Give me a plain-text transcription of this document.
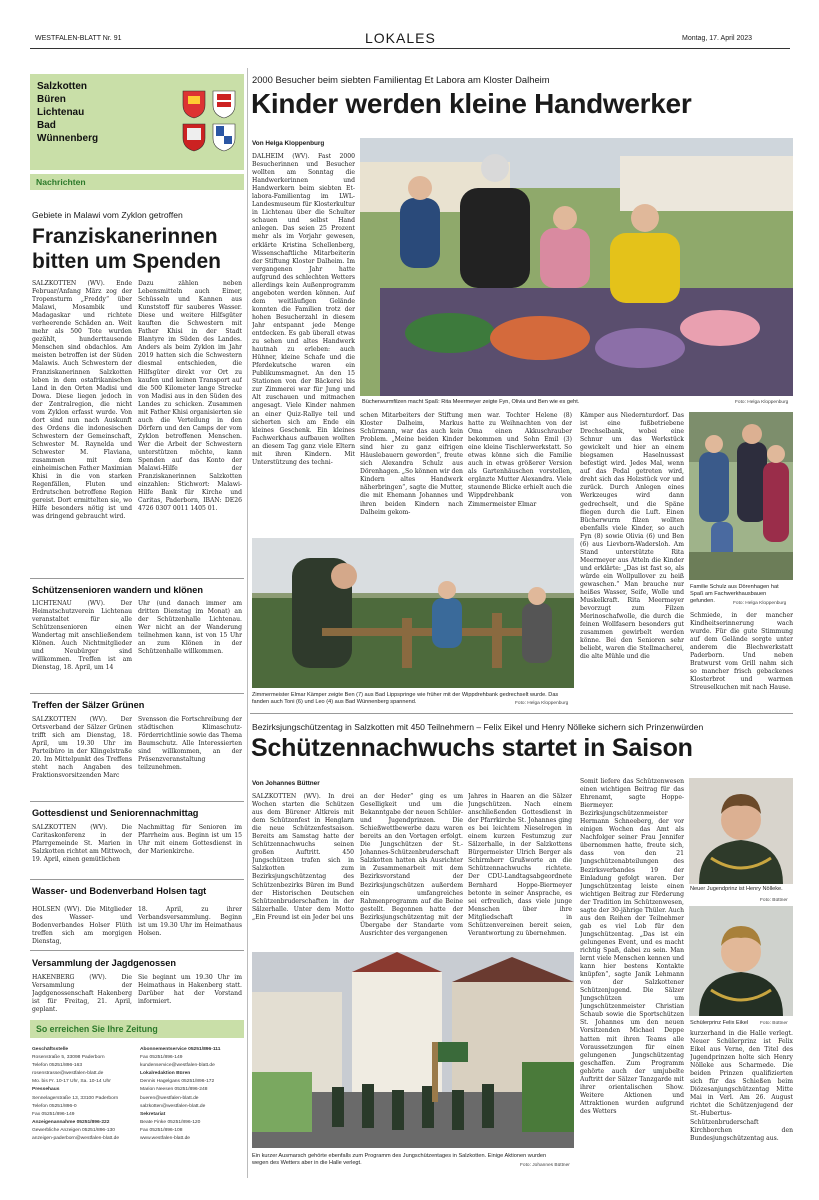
WESTFALEN-BLATT Nr. 91	LOKALES	Montag, 17. April 2023
Salzkotten
Büren
Lichtenau
Bad
Wünnenberg
Nachrichten
Gebiete in Malawi vom Zyklon getroffen
Franziskanerinnen
bitten um Spenden
SALZKOTTEN (WV). Ende Februar/Anfang März zog der Tropensturm „Freddy“ über Malawi, Mosambik und Madagaskar und richtete verheerende Schäden an. Weit mehr als 500 Tote wurden gezählt, hunderttausende Menschen sind obdachlos. Am meisten betroffen ist der Süden Malawis. Auch Schwestern der Franziskanerinnen Salzkotten leben in dem ostafrikanischen Land in den Orten Madisi und Dowa. Diese liegen jedoch in der Zentralregion, die nicht vom Zyklon erfasst wurde. Von dort sind nun nach Auskunft des Ordens die indonesischen Schwestern der Gemeinschaft, Schwester M. Raynelda und Schwester M. Flaviana, zusammen mit dem einheimischen Father Maximian Khisi in die von starken Regenfällen, Fluten und Erdrutschen betroffene Region gereist. Dort ermittelten sie, wo Hilfe besonders nötig ist und was dringend gebraucht wird.
Dazu zählen neben Lebensmitteln auch Eimer, Schüsseln und Kannen aus Kunststoff für sauberes Wasser. Diese und weitere Hilfsgüter kauften die Schwestern mit Father Khisi in der Stadt Blantyre im Süden des Landes. Anders als beim Zyklon im Jahr 2019 hatten sich die Schwestern diesmal entschieden, die Hilfsgüter direkt vor Ort zu kaufen und keinen Transport auf die 500 Kilometer lange Strecke von Madisi aus in den Süden des Landes zu schicken. Zusammen mit Father Khisi organisierten sie auch die Verteilung in den Dörfern und den Camps der vom Zyklon betroffenen Menschen. Wer die Arbeit der Schwestern unterstützen möchte, kann Spenden auf das Konto der Malawi-Hilfe der Franziskanerinnen Salzkotten einzahlen: Stichwort: Malawi-Hilfe Bank für Kirche und Caritas, Paderborn, IBAN: DE26 4726 0307 0011 1405 01.
Schützensenioren wandern und klönen
LICHTENAU (WV). Der Heimatschutzverein Lichtenau veranstaltet für alle Schützensenioren einen Wandertag mit anschließendem Klönen. Auch Nichtmitglieder und Neubürger sind willkommen. Treffen ist am Dienstag, 18. April, um 14
Uhr (und danach immer am dritten Dienstag im Monat) an der Schützenhalle Lichtenau. Wer nicht an der Wanderung teilnehmen kann, ist von 15 Uhr an zum Klönen in der Schützenhalle willkommen.
Treffen der Sälzer Grünen
SALZKOTTEN (WV). Der Ortsverband der Sälzer Grünen trifft sich am Dienstag, 18. April, um 19.30 Uhr im Parteibüro in der Klingelstraße 20. Im Mittelpunkt des Treffens steht nach Angaben des Fraktionsvorsitzenden Marc
Svensson die Fortschreibung der städtischen Klimaschutz-Förderrichtlinie sowie das Thema Baumschutz. Alle Interessierten sind willkommen, an der Präsenzveranstaltung teilzunehmen.
Gottesdienst und Seniorennachmittag
SALZKOTTEN (WV). Die Caritaskonferenz in der Pfarrgemeinde St. Marien in Salzkotten richtet am Mittwoch, 19. April, einen gemütlichen
Nachmittag für Senioren im Pfarrheim aus. Beginn ist um 15 Uhr mit einem Gottesdienst in der Marienkirche.
Wasser- und Bodenverband Holsen tagt
HOLSEN (WV). Die Mitglieder des Wasser- und Bodenverbandes Holser Flüth treffen sich am morgigen Dienstag,
18. April, zu ihrer Verbandsversammlung. Beginn ist um 19.30 Uhr im Heimathaus Holsen.
Versammlung der Jagdgenossen
HAKENBERG (WV). Die Versammlung der Jagdgenossenschaft Hakenberg ist für Freitag, 21. April, geplant.
Sie beginnt um 19.30 Uhr im Heimathaus in Hakenberg statt. Darüber hat der Vorstand informiert.
So erreichen Sie Ihre Zeitung
Geschäftsstelle
Rosenstraße 5, 33098 Paderborn
Telefon 05251/896-163
rosenstrasse@westfalen-blatt.de
Mo. bis Fr. 10-17 Uhr, Sa. 10-14 Uhr
Pressehaus
Sennelagerstraße 13, 33100 Paderborn
Telefon 05251/896-0
Fax 05251/896-149
Anzeigenannahme 05251/896-222
Gewerbliche Anzeigen 05251/896-130
anzeigen-paderborn@westfalen-blatt.de
Abonnementservice 05251/896-111
Fax 05251/896-149
kundenservice@westfalen-blatt.de
Lokalredaktion Büren
Dennis Hagelgans 05251/896-172
Marion Neesen 05251/896-248
bueren@westfalen-blatt.de
salzkotten@westfalen-blatt.de
Sekretariat
Beate Finke 05251/896-120
Fax 05251/896-108
www.westfalen-blatt.de
2000 Besucher beim siebten Familientag Et Labora am Kloster Dalheim
Kinder werden kleine Handwerker
Von Helga Kloppenburg
DALHEIM (WV). Fast 2000 Besucherinnen und Besucher wollten am Sonntag die Handwerkerinnen und Handwerkern beim siebten Et-labora-Familientag im LWL-Landesmuseum für Klosterkultur in Lichtenau über die Schulter schauen und selbst Hand anlegen. Das seien 25 Prozent mehr als im Vorjahr gewesen, erklärte Kristina Schellenberg, Wissenschaftliche Mitarbeiterin der Stiftung Kloster Dalheim. Im vergangenen Jahr hatte aufgrund des schlechten Wetters allerdings kein Außenprogramm angeboten werden können. Auf dem weitläufigen Gelände konnten die Familien trotz der hohen Besucherzahl in diesem Jahr entspannt jede Menge entdecken. Es gab überall etwas zu sehen und altes Handwerk hautnah zu erleben: auch Hühner, kleine Schafe und die Pferdekutsche waren ein Publikumsmagnet. An den 15 Stationen von der Bäckerei bis zur Zimmerei war für Jung und Alt zuschauen und mitmachen angesagt. Viele Kinder nahmen an einer Quiz-Rallye teil und sicherten sich am Ende ein kleines Geschenk. Ein kleines Fachwerkhaus aufbauen wollten an diesem Tag ganz viele Eltern mit ihren Kindern. Mit Unterstützung des techni-
Bücherwurmfilzen macht Spaß: Rita Meermeyer zeigte Fyn, Olivia und Ben wie es geht.	Foto: Helga Kloppenburg
schen Mitarbeiters der Stiftung Kloster Dalheim, Markus Schürmann, war das auch kein Problem. „Meine beiden Kinder sind hier zu ganz eifrigen Häuslebauern geworden“, freute sich Alexandra Schulz aus Dörenhagen. „So können wir den Kindern altes Handwerk näherbringen“, sagte die Mutter, die mit Ehemann Johannes und ihren beiden Kindern nach Dalheim gekom-
men war. Tochter Helene (8) hatte zu Weihnachten von der Oma einen Akkuschrauber bekommen und Sohn Emil (3) eine kleine Tischlerwerkstatt. So etwas könne sich die Familie auch in etwas größerer Version als Gartenhäuschen vorstellen, ergänzte Mutter Alexandra. Viele staunende Blicke erhielt auch die Wippdrehbank von Zimmermeister Elmar
Kämper aus Niedernturdorf. Das ist eine fußbetriebene Drechselbank, wobei eine Schnur um das Werkstück gewickelt und hier an einem biegsamen Haselnussast befestigt wird. Jedes Mal, wenn auf das Pedal getreten wird, dreht sich das Holzstück vor und zurück. Durch Anlegen eines Werkzeuges wird dann gedrechselt, und die Späne fliegen durch die Luft. Einen Bücherwurm filzen wollten ebenfalls viele Kinder, so auch Fyn (8) sowie Olivia (6) und Ben (6) aus Lievborn-Wadersloh. Am Stand unterstützte Rita Meermeyer aus Atteln die Kinder und erklärte: „Das ist fast so, als würde ein Wollpullover zu heiß gewaschen.“ Man brauche nur heißes Wasser, Seife, Wolle und Muskelkraft. Rita Meermeyer bevorzugt zum Filzen Merinoschafwolle, die durch die feinen Wollfasern besonders gut zusammen gewirbelt werden könne. Bei den Senioren sehr beliebt, waren die Stellmacherei, die alte Mühle und die
Familie Schulz aus Dörenhagen hat Spaß am Fachwerkhausbauen gefunden.	Foto: Helga Kloppenburg
Schmiede, in der mancher Kindheitserinnerung wach wurde. Für die gute Stimmung auf dem Gelände sorgte unter anderem die Blechwerkstatt Paderborn. Und neben Bratwurst vom Grill nahm sich so mancher frisch gebackenes Klosterbrot und warmen Streuselkuchen mit nach Hause.
Zimmermeister Elmar Kämper zeigte Ben (7) aus Bad Lippspringe wie früher mit der Wippdrehbank gedrechselt wurde. Das fanden auch Toni (6) und Leo (4) aus Bad Wünnenberg spannend.	Foto: Helga Kloppenburg
Bezirksjungschützentag in Salzkotten mit 450 Teilnehmern – Felix Eikel und Henry Nölleke sichern sich Prinzenwürden
Schützennachwuchs startet in Saison
Von Johannes Büttner
SALZKOTTEN (WV). In drei Wochen starten die Schützen aus dem Bürener Altkreis mit dem Schützenfest in Henglarn die neue Schützenfestsaison. Bereits am Samstag hatte der Schützennachwuchs seinen großen Auftritt. 450 Jungschützen trafen sich in Salzkotten zum Bezirksjungschützentag des Schützenbezirks Büren im Bund der Historischen Deutschen Schützenbruderschaften in der Sälzerhalle. Unter dem Motto „Ein Freund ist ein Jeder bei uns
an der Heder“ ging es um Geselligkeit und um die Bekanntgabe der neuen Schüler- und Jugendprinzen. Die Schießwettbewerbe dazu waren bereits an den Vortagen erfolgt. Die Jungschützen der St.-Johannes-Schützenbruderschaft Salzkotten hatten als Ausrichter in Zusammenarbeit mit dem Bezirksvorstand der Bezirksjungschützen außerdem ein umfangreiches Rahmenprogramm auf die Beine gestellt. Begonnen hatte der Bezirksjungschützentag mit der Übergabe der Standarte vom Ausrichter des vergangenen
Jahres in Haaren an die Sälzer Jungschützen. Nach einem anschließenden Gottesdienst in der Pfarrkirche St. Johannes ging es bei leichtem Nieselregen in einem kurzen Festumzug zur Sälzerhalle, in der Salzkottens Bürgermeister Ulrich Berger als Schirmherr Grußworte an die Schützennachwuchs richtete. Der CDU-Landtagsabgeordnete Bernhard Hoppe-Biermeyer betonte in seiner Ansprache, es sei erfreulich, dass viele junge Menschen über ihre Mitgliedschaft in Schützenvereinen bereit seien, Verantwortung zu übernehmen.
Somit liefere das Schützenwesen einen wichtigen Beitrag für das Ehrenamt, sagte Hoppe-Biermeyer. Bezirksjungschützenmeister Hermann Schneeberg, der vor einigen Wochen das Amt als Nachfolger seiner Frau Jennifer übernommen hatte, freute sich, dass von den 21 Jungschützenabteilungen des Bezirksverbandes 19 der Einladung gefolgt waren. Der Jungschützentag leiste einen wichtigen Beitrag zur Förderung der Tradition im Schützenwesen, sagte der 30-jährige Thüler. Auch aus den Reihen der Teilnehmer gab es viel Lob für den Jungschützentag. „Das ist ein gelungenes Event, und es macht richtig Spaß, dabei zu sein. Man lernt viele Menschen kennen und kann hier bestens Kontakte knüpfen“, sagte Janik Lehmann von der Salzkottener Schützenjugend. Die Sälzer Jungschützen um Jungschützenmeister Christian Schaub sowie die Sportschützen St. Johannes um den neuen Vorsitzenden Michael Deppe hatten mit ihren Teams alle Voraussetzungen für einen gelungenen Jungschützentag geschaffen. Zum Programm gehörte auch der umjubelte Auftritt der Sälzer Tanzgarde mit ihrer orientalischen Show. Weitere Aktionen und Attraktionen wurden aufgrund des Wetters
Neuer Jugendprinz ist Henry Nölleke.
Foto: Büttner
Schülerprinz Felix Eikel	Foto: Büttner
kurzerhand in die Halle verlegt. Neuer Schülerprinz ist Felix Eikel aus Verne, den Titel des Jugendprinzen holte sich Henry Nölleke aus Scharmede. Die beiden Prinzen qualifizierten sich für das Schießen beim Diözesanjungschützentag Mitte Mai in Verl. Am 26. August richtet die Schützenjugend der St.-Hubertus-Schützenbruderschaft Kirchborchen den Bundesjungschützentag aus.
Ein kurzer Ausmarsch gehörte ebenfalls zum Programm des Jungschützentages in Salzkotten. Einige Aktionen wurden wegen des Wetters aber in die Halle verlegt.	Foto: Johannes Büttner
